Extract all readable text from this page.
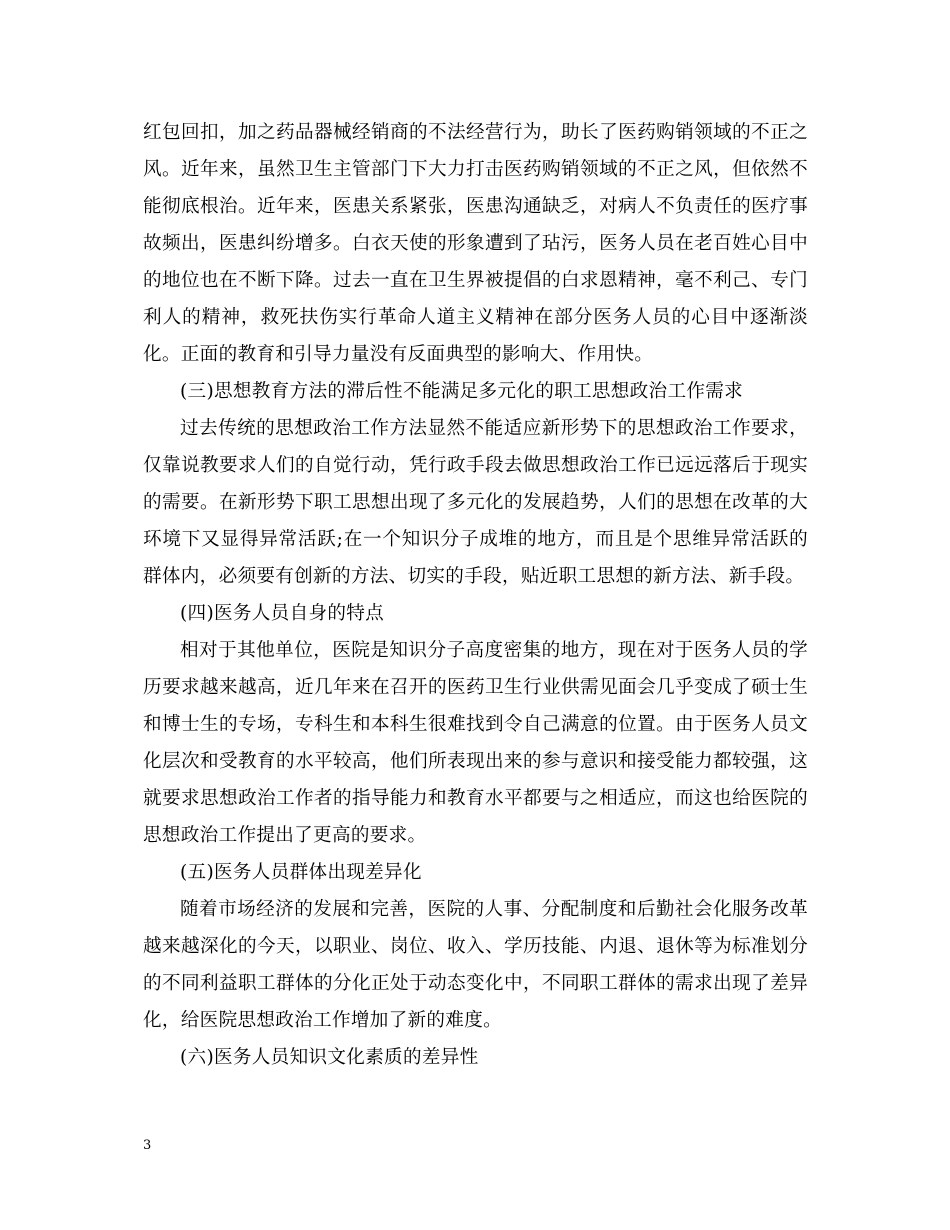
红包回扣，加之药品器械经销商的不法经营行为，助长了医药购销领域的不正之风。近年来，虽然卫生主管部门下大力打击医药购销领域的不正之风，但依然不能彻底根治。近年来，医患关系紧张，医患沟通缺乏，对病人不负责任的医疗事故频出，医患纠纷增多。白衣天使的形象遭到了玷污，医务人员在老百姓心目中的地位也在不断下降。过去一直在卫生界被提倡的白求恩精神，毫不利己、专门利人的精神，救死扶伤实行革命人道主义精神在部分医务人员的心目中逐渐淡化。正面的教育和引导力量没有反面典型的影响大、作用快。

(三)思想教育方法的滞后性不能满足多元化的职工思想政治工作需求

过去传统的思想政治工作方法显然不能适应新形势下的思想政治工作要求，仅靠说教要求人们的自觉行动，凭行政手段去做思想政治工作已远远落后于现实的需要。在新形势下职工思想出现了多元化的发展趋势，人们的思想在改革的大环境下又显得异常活跃;在一个知识分子成堆的地方，而且是个思维异常活跃的群体内，必须要有创新的方法、切实的手段，贴近职工思想的新方法、新手段。

(四)医务人员自身的特点

相对于其他单位，医院是知识分子高度密集的地方，现在对于医务人员的学历要求越来越高，近几年来在召开的医药卫生行业供需见面会几乎变成了硕士生和博士生的专场，专科生和本科生很难找到令自己满意的位置。由于医务人员文化层次和受教育的水平较高，他们所表现出来的参与意识和接受能力都较强，这就要求思想政治工作者的指导能力和教育水平都要与之相适应，而这也给医院的思想政治工作提出了更高的要求。

(五)医务人员群体出现差异化

随着市场经济的发展和完善，医院的人事、分配制度和后勤社会化服务改革越来越深化的今天，以职业、岗位、收入、学历技能、内退、退休等为标准划分的不同利益职工群体的分化正处于动态变化中，不同职工群体的需求出现了差异化，给医院思想政治工作增加了新的难度。

(六)医务人员知识文化素质的差异性

3
